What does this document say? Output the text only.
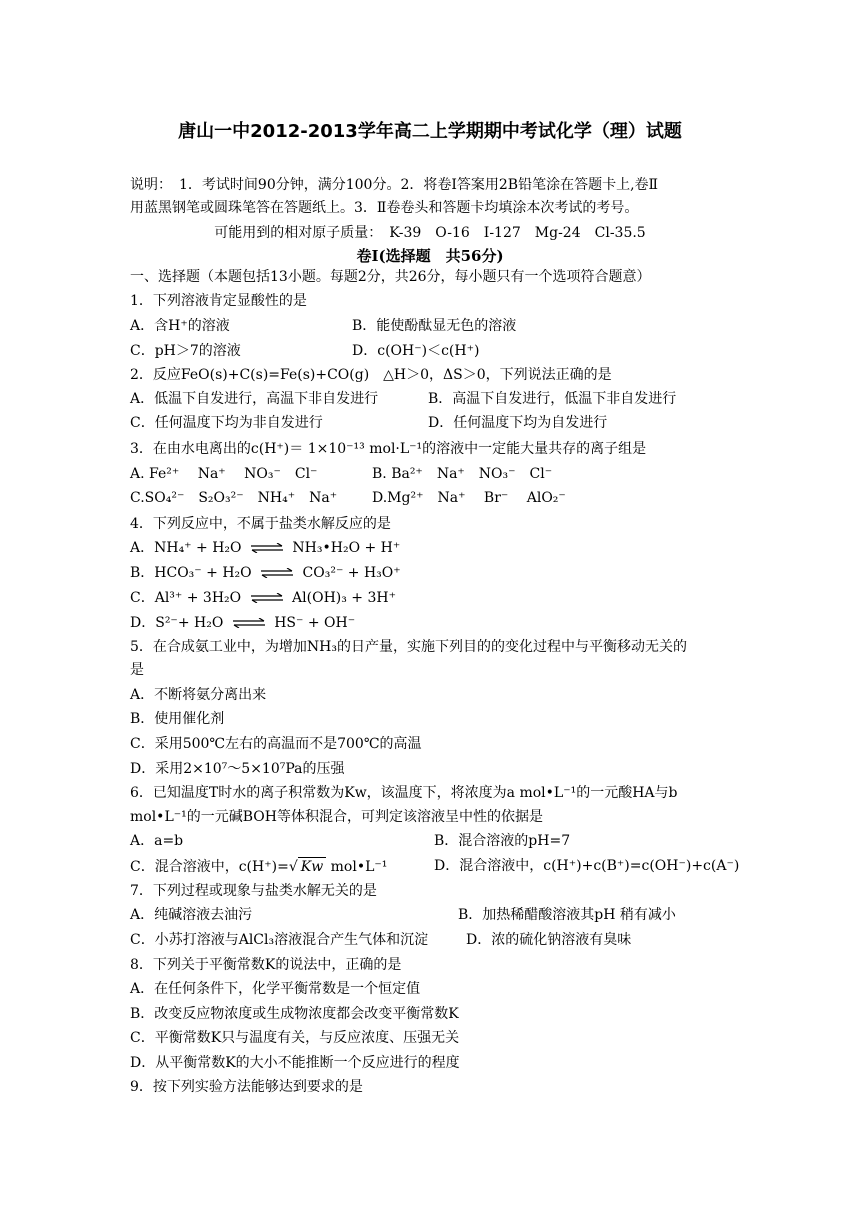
唐山一中2012-2013学年高二上学期期中考试化学（理）试题
说明：　1．考试时间90分钟，满分100分。2．将卷Ⅰ答案用2B铅笔涂在答题卡上,卷Ⅱ
用蓝黑钢笔或圆珠笔答在答题纸上。3．Ⅱ卷卷头和答题卡均填涂本次考试的考号。
可能用到的相对原子质量：　K-39　O-16　I-127　Mg-24　Cl-35.5
卷Ⅰ(选择题　共56分)
一、选择题（本题包括13小题。每题2分，共26分，每小题只有一个选项符合题意）
1．下列溶液肯定显酸性的是
A．含H⁺的溶液	B．能使酚酞显无色的溶液
C．pH＞7的溶液	D．c(OH⁻)＜c(H⁺)
2．反应FeO(s)+C(s)=Fe(s)+CO(g)　△H＞0，ΔS＞0，下列说法正确的是
A．低温下自发进行，高温下非自发进行	B．高温下自发进行，低温下非自发进行
C．任何温度下均为非自发进行	D．任何温度下均为自发进行
3．在由水电离出的c(H⁺)＝ 1×10⁻¹³ mol·L⁻¹的溶液中一定能大量共存的离子组是
A. Fe²⁺　 Na⁺　 NO₃⁻　Cl⁻	B. Ba²⁺　Na⁺　NO₃⁻　Cl⁻
C.SO₄²⁻　S₂O₃²⁻　NH₄⁺　Na⁺ D.Mg²⁺　Na⁺　 Br⁻　 AlO₂⁻
4．下列反应中，不属于盐类水解反应的是
A．NH₄⁺ + H₂O ⇌ NH₃•H₂O + H⁺
B．HCO₃⁻ + H₂O ⇌ CO₃²⁻ + H₃O⁺
C．Al³⁺ + 3H₂O ⇌ Al(OH)₃ + 3H⁺
D．S²⁻+ H₂O ⇌ HS⁻ + OH⁻
5．在合成氨工业中，为增加NH₃的日产量，实施下列目的的变化过程中与平衡移动无关的
是
A．不断将氨分离出来
B．使用催化剂
C．采用500℃左右的高温而不是700℃的高温
D．采用2×10⁷～5×10⁷Pa的压强
6．已知温度T时水的离子积常数为Kw，该温度下，将浓度为a mol•L⁻¹的一元酸HA与b
mol•L⁻¹的一元碱BOH等体积混合，可判定该溶液呈中性的依据是
A．a=b	B．混合溶液的pH=7
C．混合溶液中，c(H⁺)=√ Kw mol•L⁻¹	D．混合溶液中，c(H⁺)+c(B⁺)=c(OH⁻)+c(A⁻)
7．下列过程或现象与盐类水解无关的是
A．纯碱溶液去油污	B．加热稀醋酸溶液其pH 稍有减小
C．小苏打溶液与AlCl₃溶液混合产生气体和沉淀	D．浓的硫化钠溶液有臭味
8．下列关于平衡常数K的说法中，正确的是
A．在任何条件下，化学平衡常数是一个恒定值
B．改变反应物浓度或生成物浓度都会改变平衡常数K
C．平衡常数K只与温度有关，与反应浓度、压强无关
D．从平衡常数K的大小不能推断一个反应进行的程度
9．按下列实验方法能够达到要求的是
